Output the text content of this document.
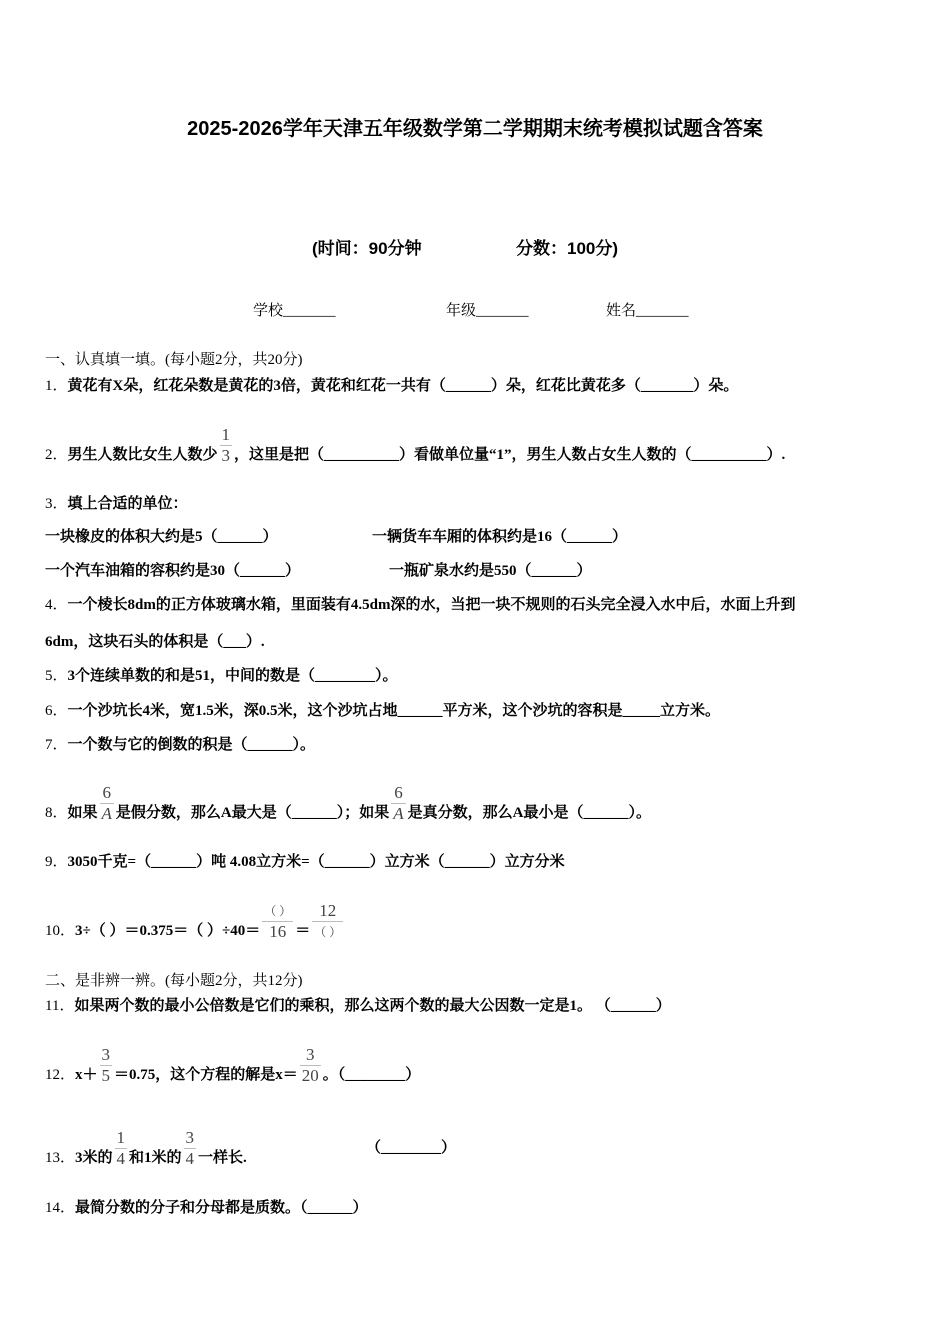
2025-2026学年天津五年级数学第二学期期末统考模拟试题含答案
(时间：90分钟	分数：100分)
学校_______	年级_______	姓名_______
一、认真填一填。(每小题2分，共20分)
1．黄花有X朵，红花朵数是黄花的3倍，黄花和红花一共有（______）朵，红花比黄花多（_______）朵。
2．男生人数比女生人数少 $\frac{1}{3}$ ，这里是把（__________）看做单位量“1”，男生人数占女生人数的（__________）.
3．填上合适的单位：
一块橡皮的体积大约是5（______）	一辆货车车厢的体积约是16（______）
一个汽车油箱的容积约是30（______）	一瓶矿泉水约是550（______）
4．一个棱长8dm的正方体玻璃水箱，里面装有4.5dm深的水，当把一块不规则的石头完全浸入水中后，水面上升到
6dm，这块石头的体积是（___）.
5．3个连续单数的和是51，中间的数是（________）。
6．一个沙坑长4米，宽1.5米，深0.5米，这个沙坑占地______平方米，这个沙坑的容积是_____立方米。
7．一个数与它的倒数的积是（______）。
8．如果 $\frac{6}{A}$ 是假分数，那么A最大是（______）；如果 $\frac{6}{A}$ 是真分数，那么A最小是（______）。
9．3050千克=（______）吨 4.08立方米=（______）立方米（______）立方分米
10．3÷（ ）＝0.375＝（ ）$\div 40= \frac{( )}{16} = \frac{12}{( )}$
二、是非辨一辨。(每小题2分，共12分)
11．如果两个数的最小公倍数是它们的乘积，那么这两个数的最大公因数一定是1。 （______）
12．$x+ \frac{3}{5} =0.75$，这个方程的解是$x= \frac{3}{20}$ 。（________）
13．3米的 $\frac{1}{4}$ 和1米的 $\frac{3}{4}$ 一样长.
（________）
14．最简分数的分子和分母都是质数。（______）
